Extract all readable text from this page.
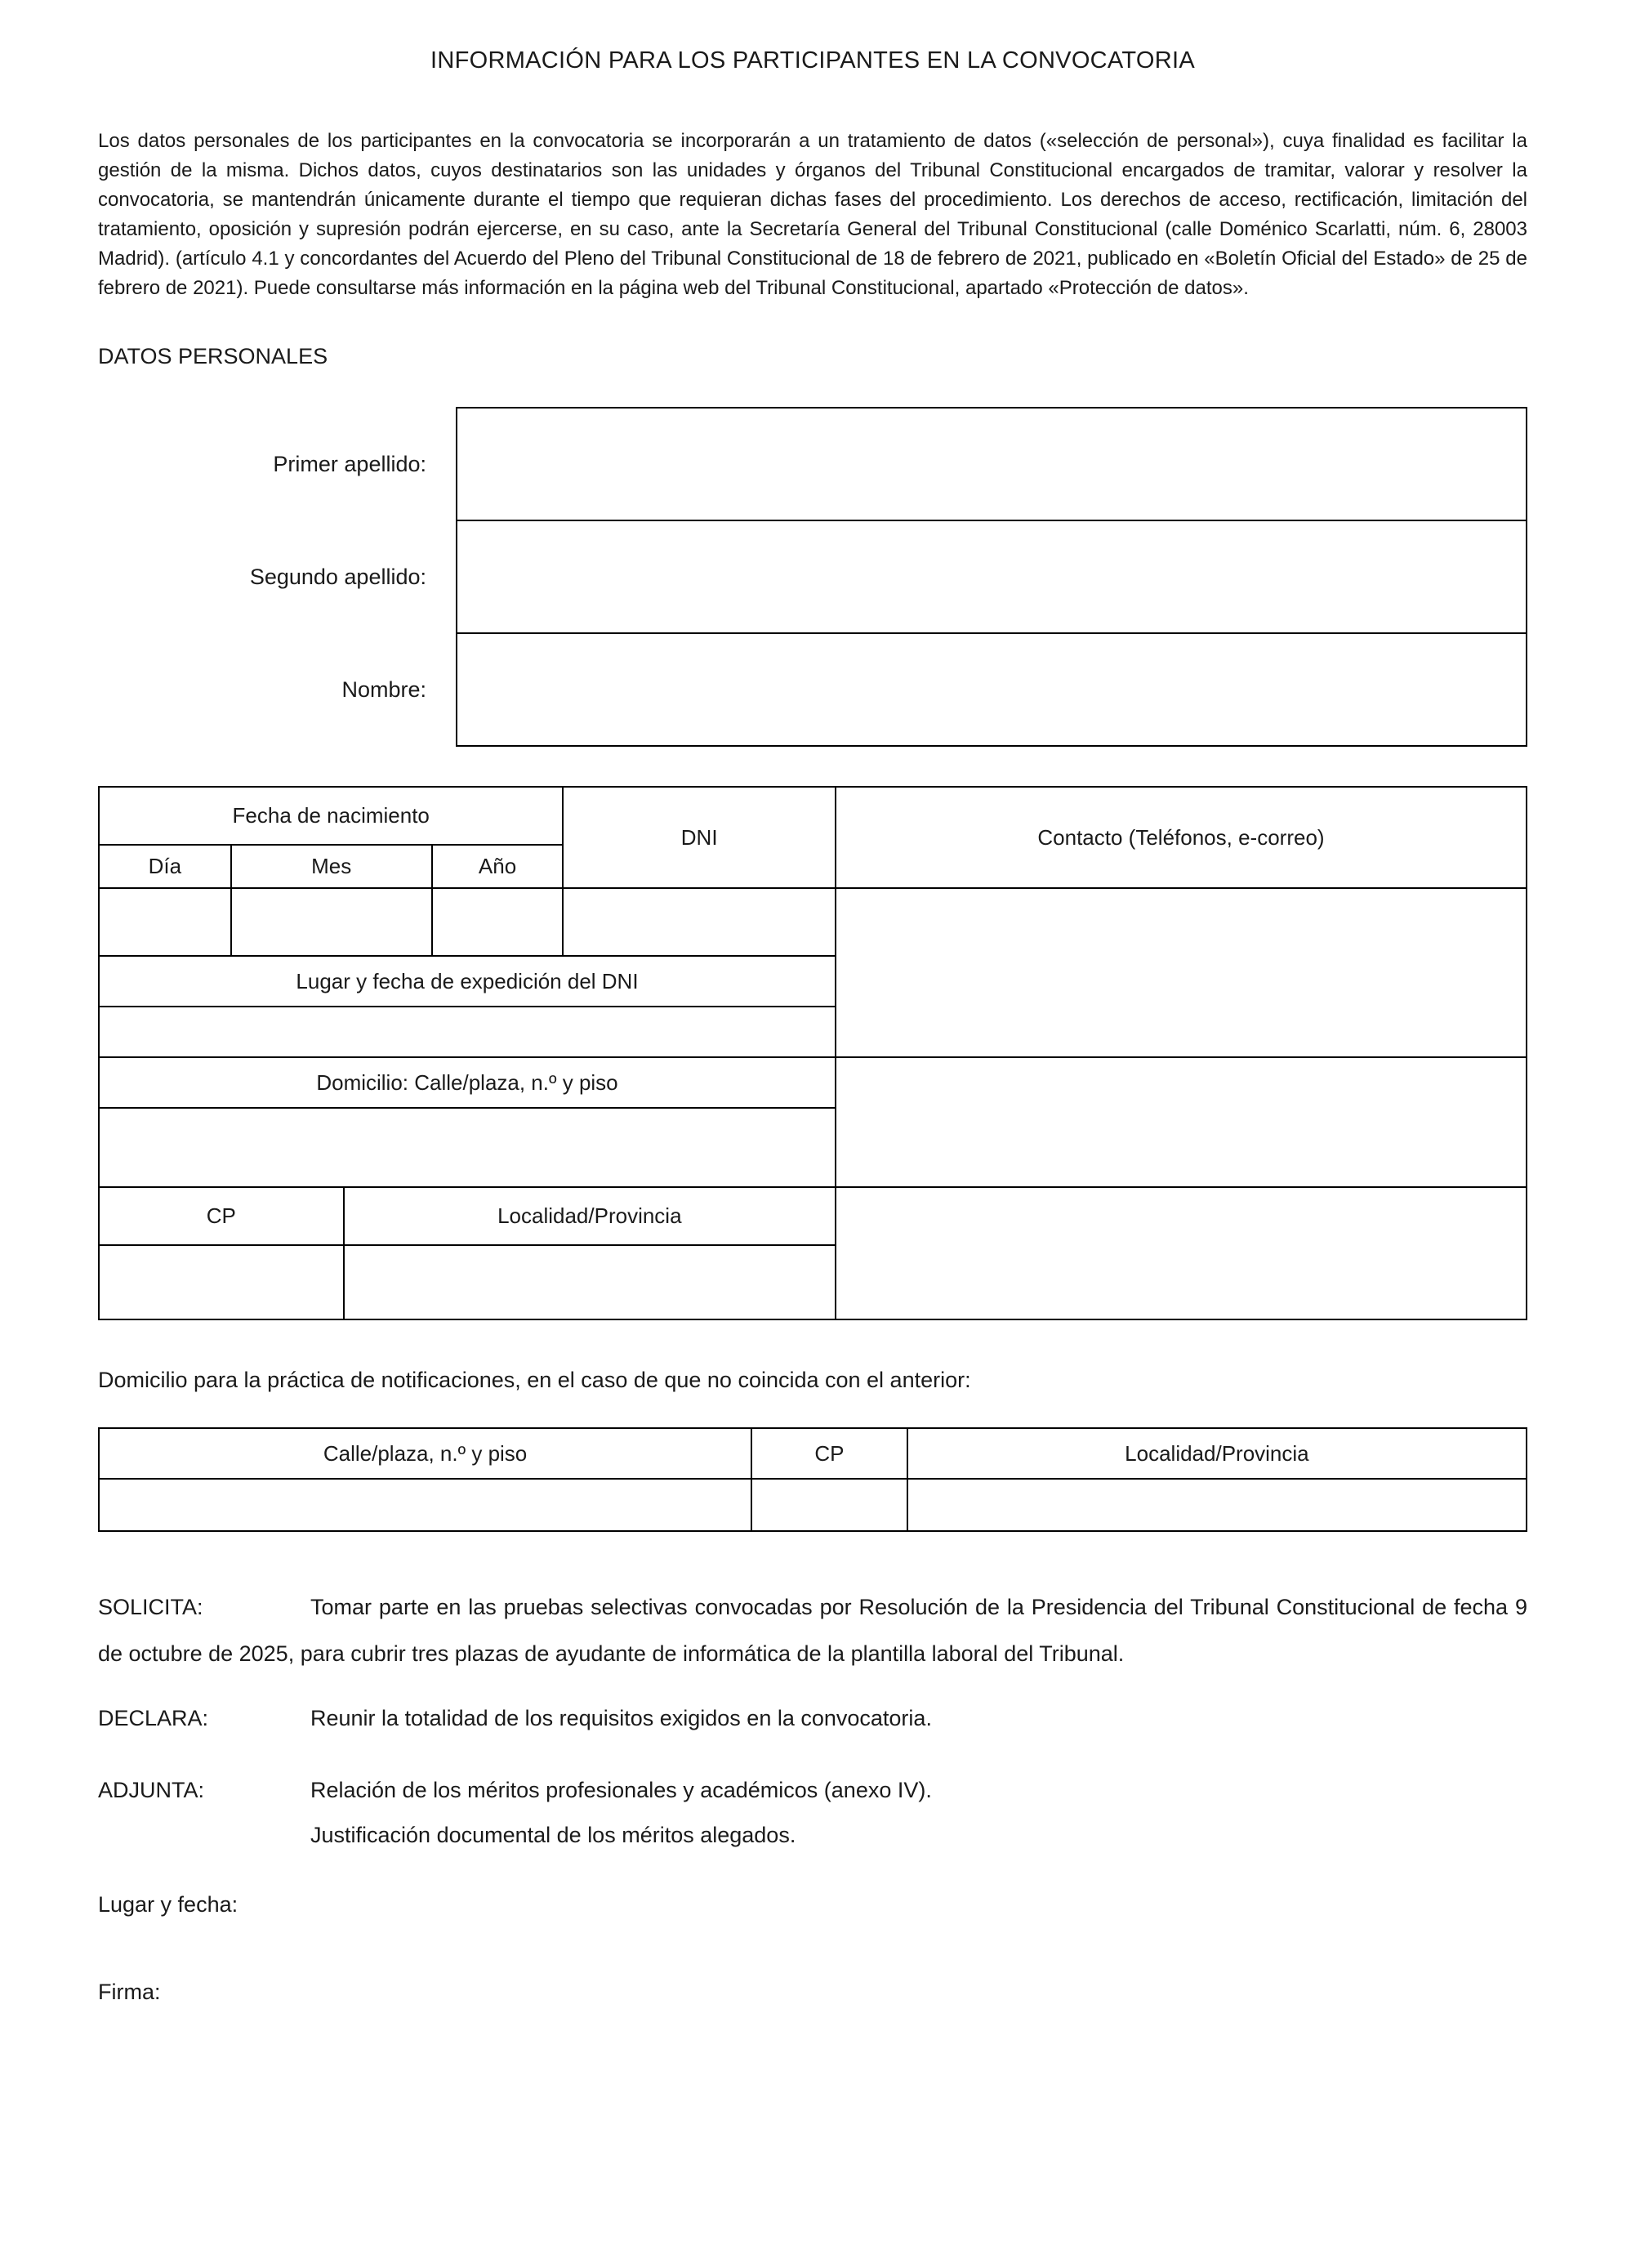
INFORMACIÓN PARA LOS PARTICIPANTES EN LA CONVOCATORIA

Los datos personales de los participantes en la convocatoria se incorporarán a un tratamiento de datos («selección de personal»), cuya finalidad es facilitar la gestión de la misma. Dichos datos, cuyos destinatarios son las unidades y órganos del Tribunal Constitucional encargados de tramitar, valorar y resolver la convocatoria, se mantendrán únicamente durante el tiempo que requieran dichas fases del procedimiento. Los derechos de acceso, rectificación, limitación del tratamiento, oposición y supresión podrán ejercerse, en su caso, ante la Secretaría General del Tribunal Constitucional (calle Doménico Scarlatti, núm. 6, 28003 Madrid). (artículo 4.1 y concordantes del Acuerdo del Pleno del Tribunal Constitucional de 18 de febrero de 2021, publicado en «Boletín Oficial del Estado» de 25 de febrero de 2021). Puede consultarse más información en la página web del Tribunal Constitucional, apartado «Protección de datos».

DATOS PERSONALES
Primer apellido:
Segundo apellido:
Nombre:
Fecha de nacimiento
Día	Mes	Año
DNI
Lugar y fecha de expedición del DNI
Domicilio: Calle/plaza, n.º y piso
CP	Localidad/Provincia
Contacto (Teléfonos, e-correo)

Domicilio para la práctica de notificaciones, en el caso de que no coincida con el anterior:

Calle/plaza, n.º y piso	CP	Localidad/Provincia

SOLICITA:	Tomar parte en las pruebas selectivas convocadas por Resolución de la Presidencia del Tribunal Constitucional de fecha 9 de octubre de 2025, para cubrir tres plazas de ayudante de informática de la plantilla laboral del Tribunal.

DECLARA:	Reunir la totalidad de los requisitos exigidos en la convocatoria.
ADJUNTA:	Relación de los méritos profesionales y académicos (anexo IV).
Justificación documental de los méritos alegados.

Lugar y fecha:

Firma:
